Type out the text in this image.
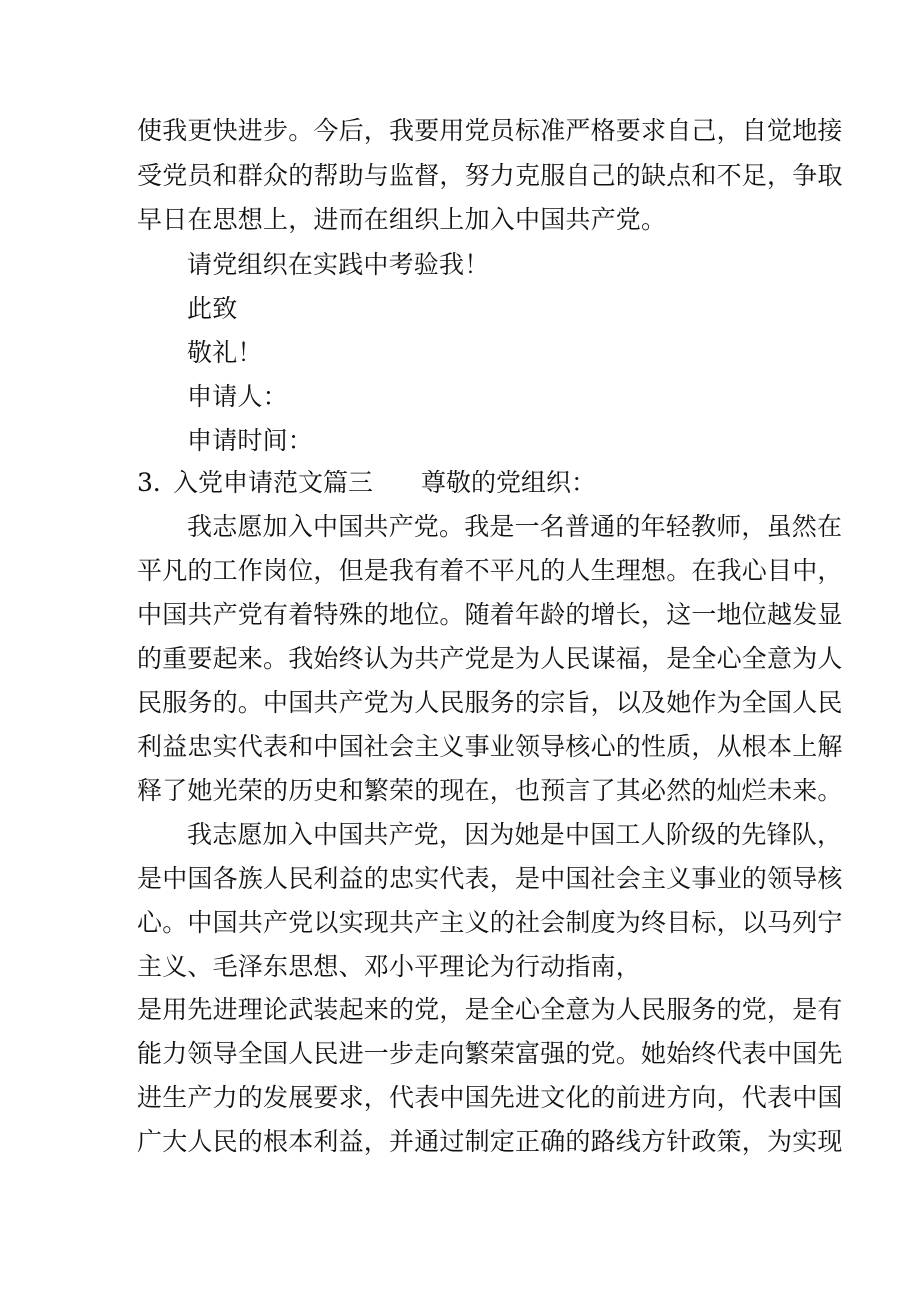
使我更快进步。今后，我要用党员标准严格要求自己，自觉地接
受党员和群众的帮助与监督，努力克服自己的缺点和不足，争取
早日在思想上，进而在组织上加入中国共产党。
请党组织在实践中考验我！
此致
敬礼！
申请人：
申请时间：
3．入党申请范文篇三 尊敬的党组织：
我志愿加入中国共产党。我是一名普通的年轻教师，虽然在
平凡的工作岗位，但是我有着不平凡的人生理想。在我心目中，
中国共产党有着特殊的地位。随着年龄的增长，这一地位越发显
的重要起来。我始终认为共产党是为人民谋福，是全心全意为人
民服务的。中国共产党为人民服务的宗旨，以及她作为全国人民
利益忠实代表和中国社会主义事业领导核心的性质，从根本上解
释了她光荣的历史和繁荣的现在，也预言了其必然的灿烂未来。
我志愿加入中国共产党，因为她是中国工人阶级的先锋队，
是中国各族人民利益的忠实代表，是中国社会主义事业的领导核
心。中国共产党以实现共产主义的社会制度为终目标，以马列宁
主义、毛泽东思想、邓小平理论为行动指南，
是用先进理论武装起来的党，是全心全意为人民服务的党，是有
能力领导全国人民进一步走向繁荣富强的党。她始终代表中国先
进生产力的发展要求，代表中国先进文化的前进方向，代表中国
广大人民的根本利益，并通过制定正确的路线方针政策，为实现
